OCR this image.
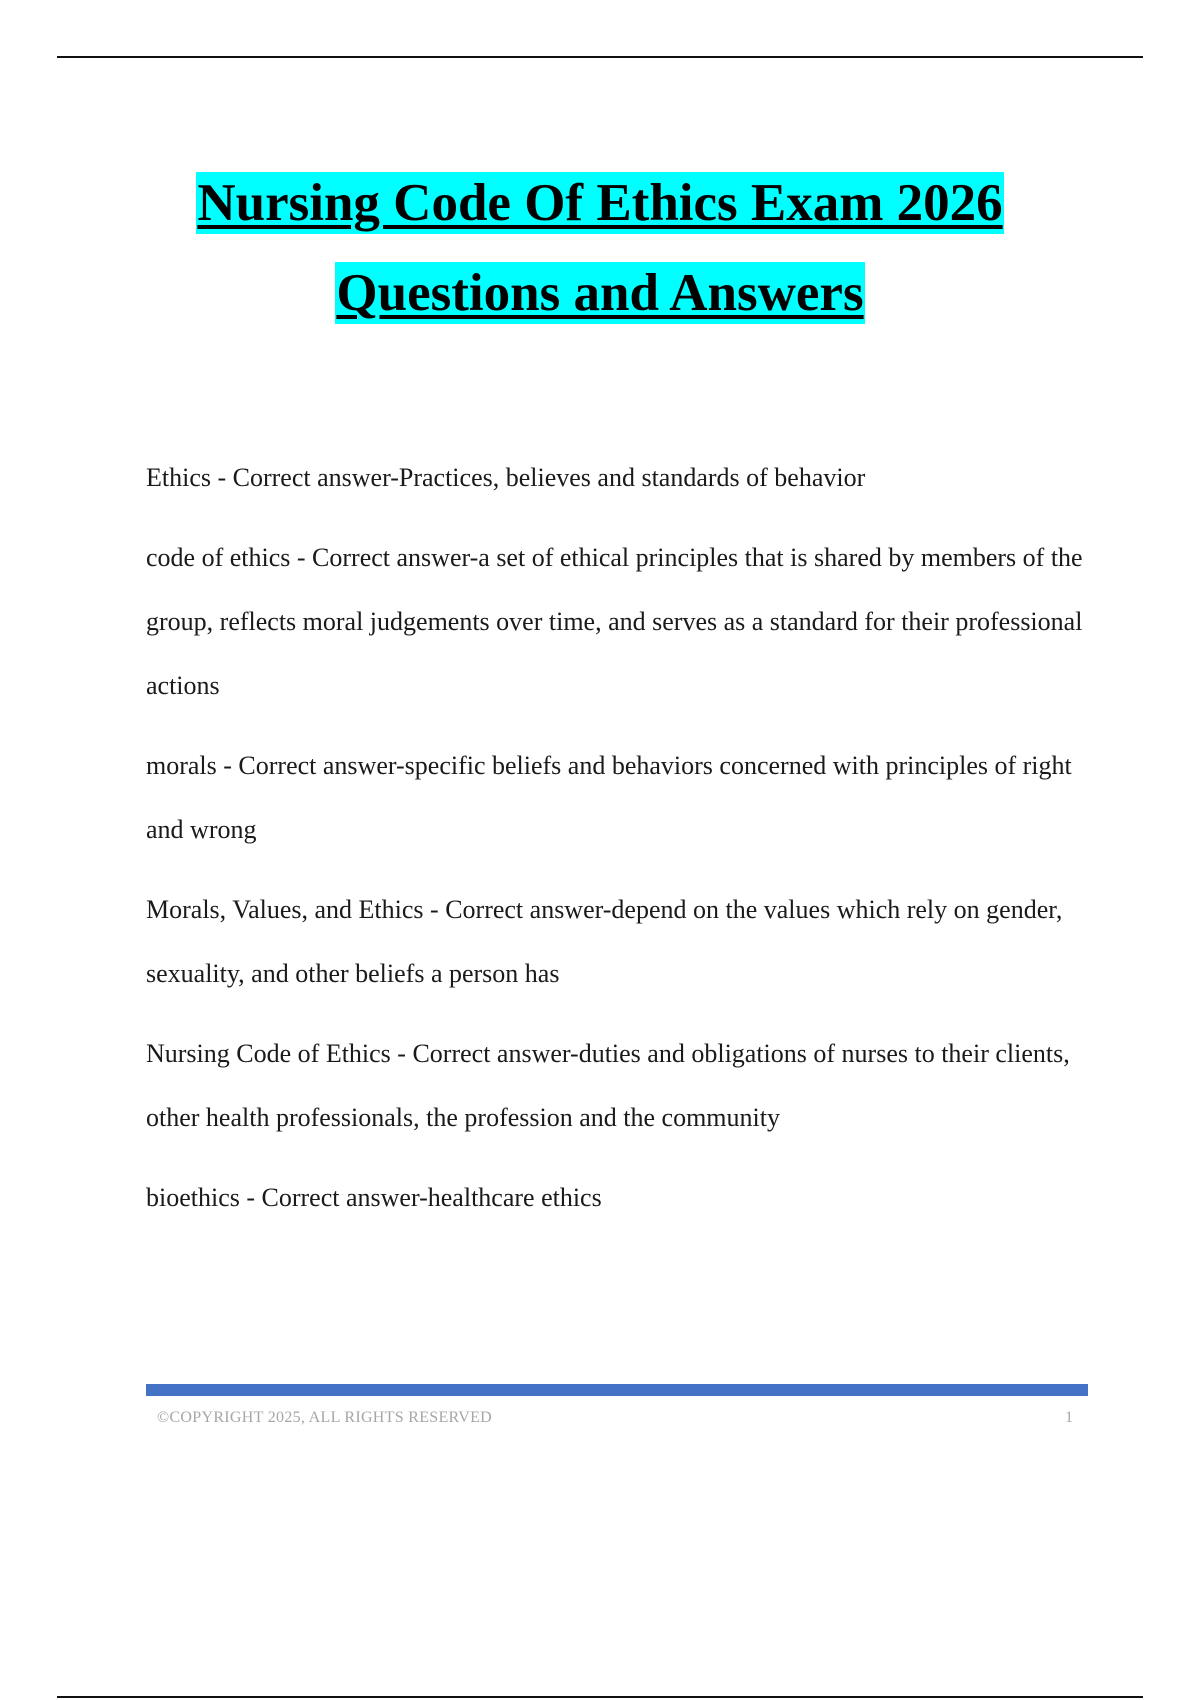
Nursing Code Of Ethics Exam 2026
Questions and Answers

Ethics - Correct answer-Practices, believes and standards of behavior

code of ethics - Correct answer-a set of ethical principles that is shared by members of the group, reflects moral judgements over time, and serves as a standard for their professional actions

morals - Correct answer-specific beliefs and behaviors concerned with principles of right and wrong

Morals, Values, and Ethics - Correct answer-depend on the values which rely on gender, sexuality, and other beliefs a person has

Nursing Code of Ethics - Correct answer-duties and obligations of nurses to their clients, other health professionals, the profession and the community

bioethics - Correct answer-healthcare ethics

©COPYRIGHT 2025, ALL RIGHTS RESERVED	1
